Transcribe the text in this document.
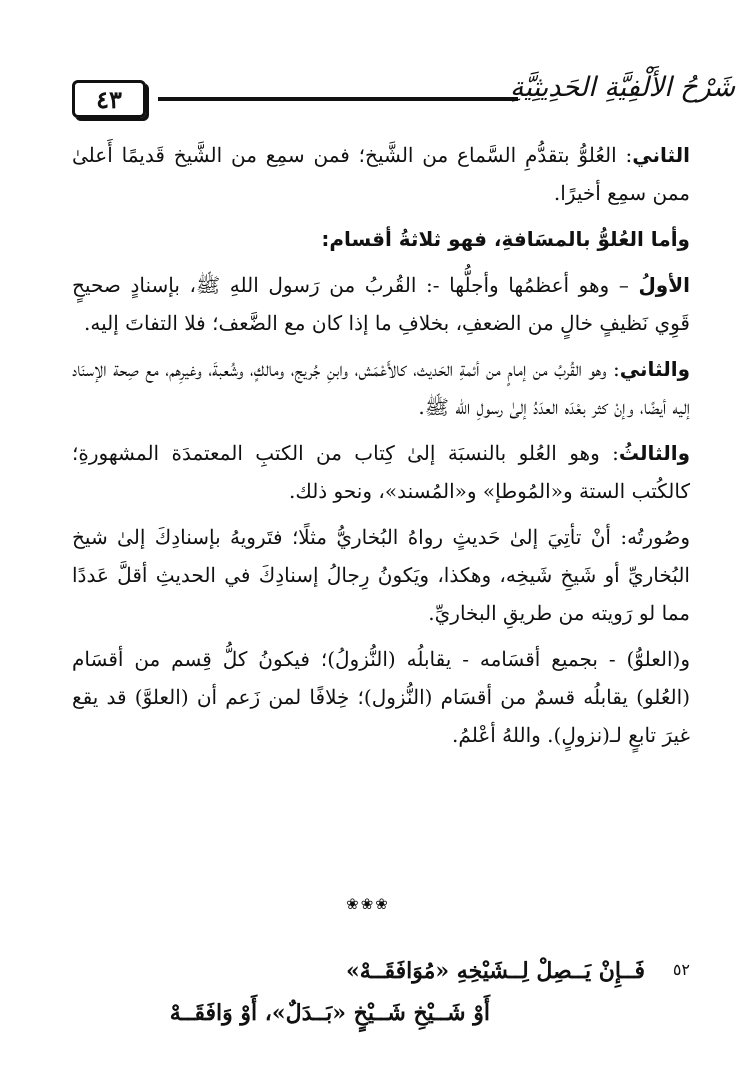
٤٣	شَرْحُ الأَلْفِيَّةِ الحَدِيثِيَّةِ

الثاني: العُلوُّ بتقدُّمِ السَّماع من الشَّيخ؛ فمن سمِع من الشَّيخ قَديمًا أَعلىٰ ممن سمِع أخيرًا.

وأما العُلوُّ بالمسَافةِ، فهو ثلاثةُ أقسام:

الأولُ – وهو أعظمُها وأجلُّها -: القُربُ من رَسول اللهِ ﷺ، بإسنادٍ صحيحٍ قَوِي نَظيفٍ خالٍ من الضعفِ، بخلافِ ما إذا كان مع الضَّعف؛ فلا التفاتَ إليه.

والثاني: وهو القُربُ من إمامٍ من أئمةِ الحَديث، كالأَعْمَش، وابنِ جُريج، ومالكٍ، وشُعبةَ، وغيرِهم، مع صِحة الإسنَاد إليه أيضًا، وإنْ كثر بعْدَه العدَدُ إلىٰ رسولِ الله ﷺ.

والثالثُ: وهو العُلو بالنسبَة إلىٰ كِتاب من الكتبِ المعتمدَة المشهورةِ؛ كالكُتب الستة و«المُوطإ» و«المُسند»، ونحو ذلك.

وصُورتُه: أنْ تأتِيَ إلىٰ حَديثٍ رواهُ البُخاريُّ مثلًا؛ فتَرويهُ بإسنادِكَ إلىٰ شيخ البُخاريِّ أو شَيخِ شَيخِه، وهكذا، ويَكونُ رِجالُ إسنادِكَ في الحديثِ أقلَّ عَددًا مما لو رَويته من طريقِ البخاريِّ.

و(العلوُّ) - بجميع أقسَامه - يقابلُه (النُّزولُ)؛ فيكونُ كلُّ قِسم من أقسَام (العُلو) يقابلُه قسمٌ من أقسَام (النُّزول)؛ خِلافًا لمن زَعم أن (العلوَّ) قد يقع غيرَ تابعٍ لـ(نزولٍ). واللهُ أعْلمُ.

❀❀❀
٥٢
فَــإِنْ يَــصِلْ لِــشَيْخِهِ «مُوَافَقَــهْ»
أَوْ شَــيْخِ شَــيْخٍ «بَــدَلٌ»، أَوْ وَافَقَــهْ
